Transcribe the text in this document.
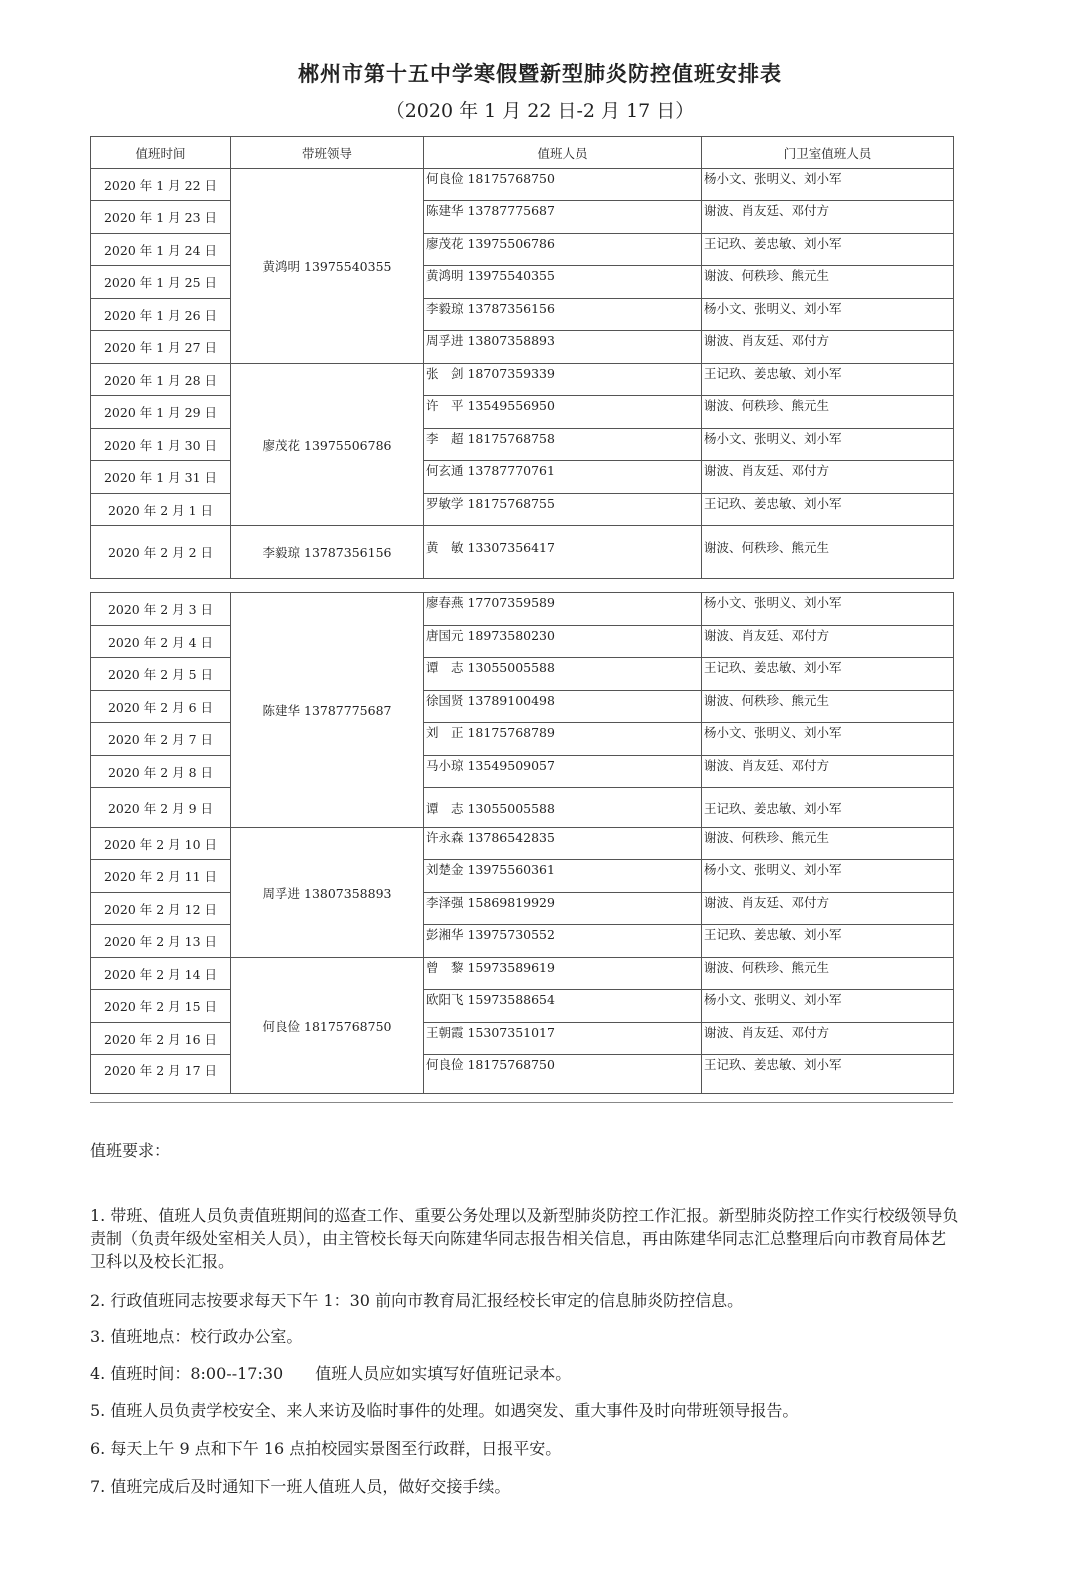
郴州市第十五中学寒假暨新型肺炎防控值班安排表
（2020 年 1 月 22 日-2 月 17 日）
值班时间	带班领导	值班人员	门卫室值班人员
2020 年 1 月 22 日	黄鸿明 13975540355	何良俭 18175768750	杨小文、张明义、刘小军
2020 年 1 月 23 日		陈建华 13787775687	谢波、肖友廷、邓付方
2020 年 1 月 24 日		廖茂花 13975506786	王记玖、姜忠敏、刘小军
2020 年 1 月 25 日		黄鸿明 13975540355	谢波、何秩珍、熊元生
2020 年 1 月 26 日		李毅琼 13787356156	杨小文、张明义、刘小军
2020 年 1 月 27 日		周孚进 13807358893	谢波、肖友廷、邓付方
2020 年 1 月 28 日	廖茂花 13975506786	张　剑 18707359339	王记玖、姜忠敏、刘小军
2020 年 1 月 29 日		许　平 13549556950	谢波、何秩珍、熊元生
2020 年 1 月 30 日		李　超 18175768758	杨小文、张明义、刘小军
2020 年 1 月 31 日		何玄通 13787770761	谢波、肖友廷、邓付方
2020 年 2 月 1 日		罗敏学 18175768755	王记玖、姜忠敏、刘小军
2020 年 2 月 2 日	李毅琼 13787356156	黄　敏 13307356417	谢波、何秩珍、熊元生
2020 年 2 月 3 日	陈建华 13787775687	廖春燕 17707359589	杨小文、张明义、刘小军
2020 年 2 月 4 日		唐国元 18973580230	谢波、肖友廷、邓付方
2020 年 2 月 5 日		谭　志 13055005588	王记玖、姜忠敏、刘小军
2020 年 2 月 6 日		徐国贤 13789100498	谢波、何秩珍、熊元生
2020 年 2 月 7 日		刘　正 18175768789	杨小文、张明义、刘小军
2020 年 2 月 8 日		马小琼 13549509057	谢波、肖友廷、邓付方
2020 年 2 月 9 日		谭　志 13055005588	王记玖、姜忠敏、刘小军
2020 年 2 月 10 日	周孚进 13807358893	许永森 13786542835	谢波、何秩珍、熊元生
2020 年 2 月 11 日		刘楚金 13975560361	杨小文、张明义、刘小军
2020 年 2 月 12 日		李泽强 15869819929	谢波、肖友廷、邓付方
2020 年 2 月 13 日		彭湘华 13975730552	王记玖、姜忠敏、刘小军
2020 年 2 月 14 日	何良俭 18175768750	曾　黎 15973589619	谢波、何秩珍、熊元生
2020 年 2 月 15 日		欧阳飞 15973588654	杨小文、张明义、刘小军
2020 年 2 月 16 日		王朝霞 15307351017	谢波、肖友廷、邓付方
2020 年 2 月 17 日		何良俭 18175768750	王记玖、姜忠敏、刘小军
值班要求：
1. 带班、值班人员负责值班期间的巡查工作、重要公务处理以及新型肺炎防控工作汇报。新型肺炎防控工作实行校级领导负责制（负责年级处室相关人员），由主管校长每天向陈建华同志报告相关信息，再由陈建华同志汇总整理后向市教育局体艺卫科以及校长汇报。
2. 行政值班同志按要求每天下午 1：30 前向市教育局汇报经校长审定的信息肺炎防控信息。
3. 值班地点：校行政办公室。
4. 值班时间：8:00--17:30　　值班人员应如实填写好值班记录本。
5. 值班人员负责学校安全、来人来访及临时事件的处理。如遇突发、重大事件及时向带班领导报告。
6. 每天上午 9 点和下午 16 点拍校园实景图至行政群，日报平安。
7. 值班完成后及时通知下一班人值班人员，做好交接手续。
